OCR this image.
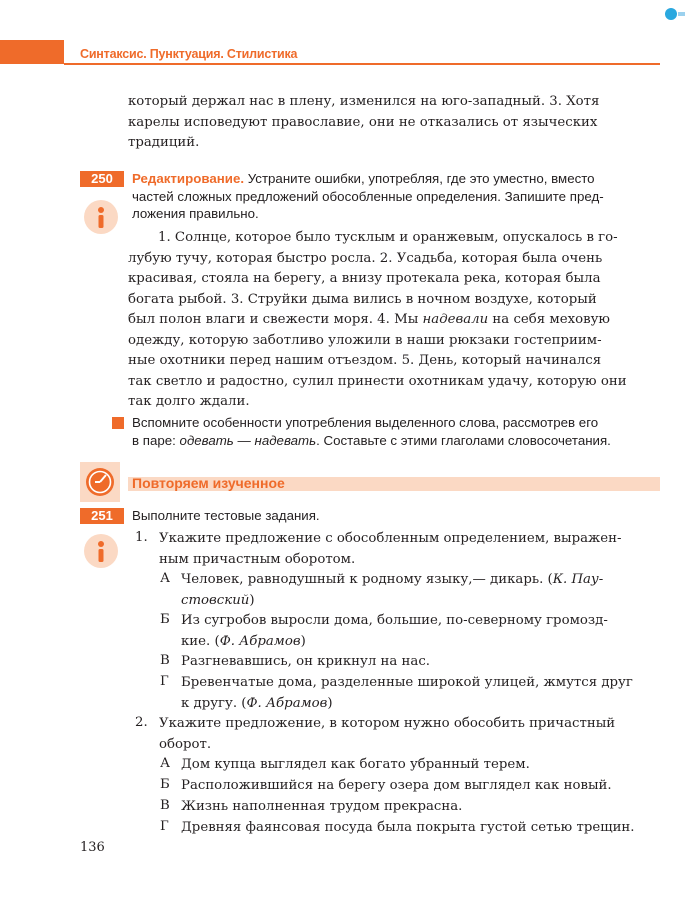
Синтаксис. Пунктуация. Стилистика

который держал нас в плену, изменился на юго-западный. 3. Хотя

карелы исповедуют православие, они не отказались от языческих

традиций.

250	Редактирование. Устраните ошибки, употребляя, где это уместно, вместо

частей сложных предложений обособленные определения. Запишите пред-

ложения правильно.

1. Солнце, которое было тусклым и оранжевым, опускалось в го-

лубую тучу, которая быстро росла. 2. Усадьба, которая была очень

красивая, стояла на берегу, а внизу протекала река, которая была

богата рыбой. 3. Струйки дыма вились в ночном воздухе, который

был полон влаги и свежести моря. 4. Мы надевали на себя меховую

одежду, которую заботливо уложили в наши рюкзаки гостеприим-

ные охотники перед нашим отъездом. 5. День, который начинался

так светло и радостно, сулил принести охотникам удачу, которую они

так долго ждали.

Вспомните особенности употребления выделенного слова, рассмотрев его

в паре: одевать — надевать. Составьте с этими глаголами словосочетания.

Повторяем изученное
251	Выполните тестовые задания.
1. Укажите предложение с обособленным определением, выражен-

ным причастным оборотом.

А Человек, равнодушный к родному языку,— дикарь. (К. Пау-

стовский)

Б Из сугробов выросли дома, большие, по-северному громозд-

кие. (Ф. Абрамов)

В Разгневавшись, он крикнул на нас.

Г Бревенчатые дома, разделенные широкой улицей, жмутся друг

к другу. (Ф. Абрамов)

2. Укажите предложение, в котором нужно обособить причастный

оборот.

А Дом купца выглядел как богато убранный терем.

Б Расположившийся на берегу озера дом выглядел как новый.

В Жизнь наполненная трудом прекрасна.

Г Древняя фаянсовая посуда была покрыта густой сетью трещин.

136
